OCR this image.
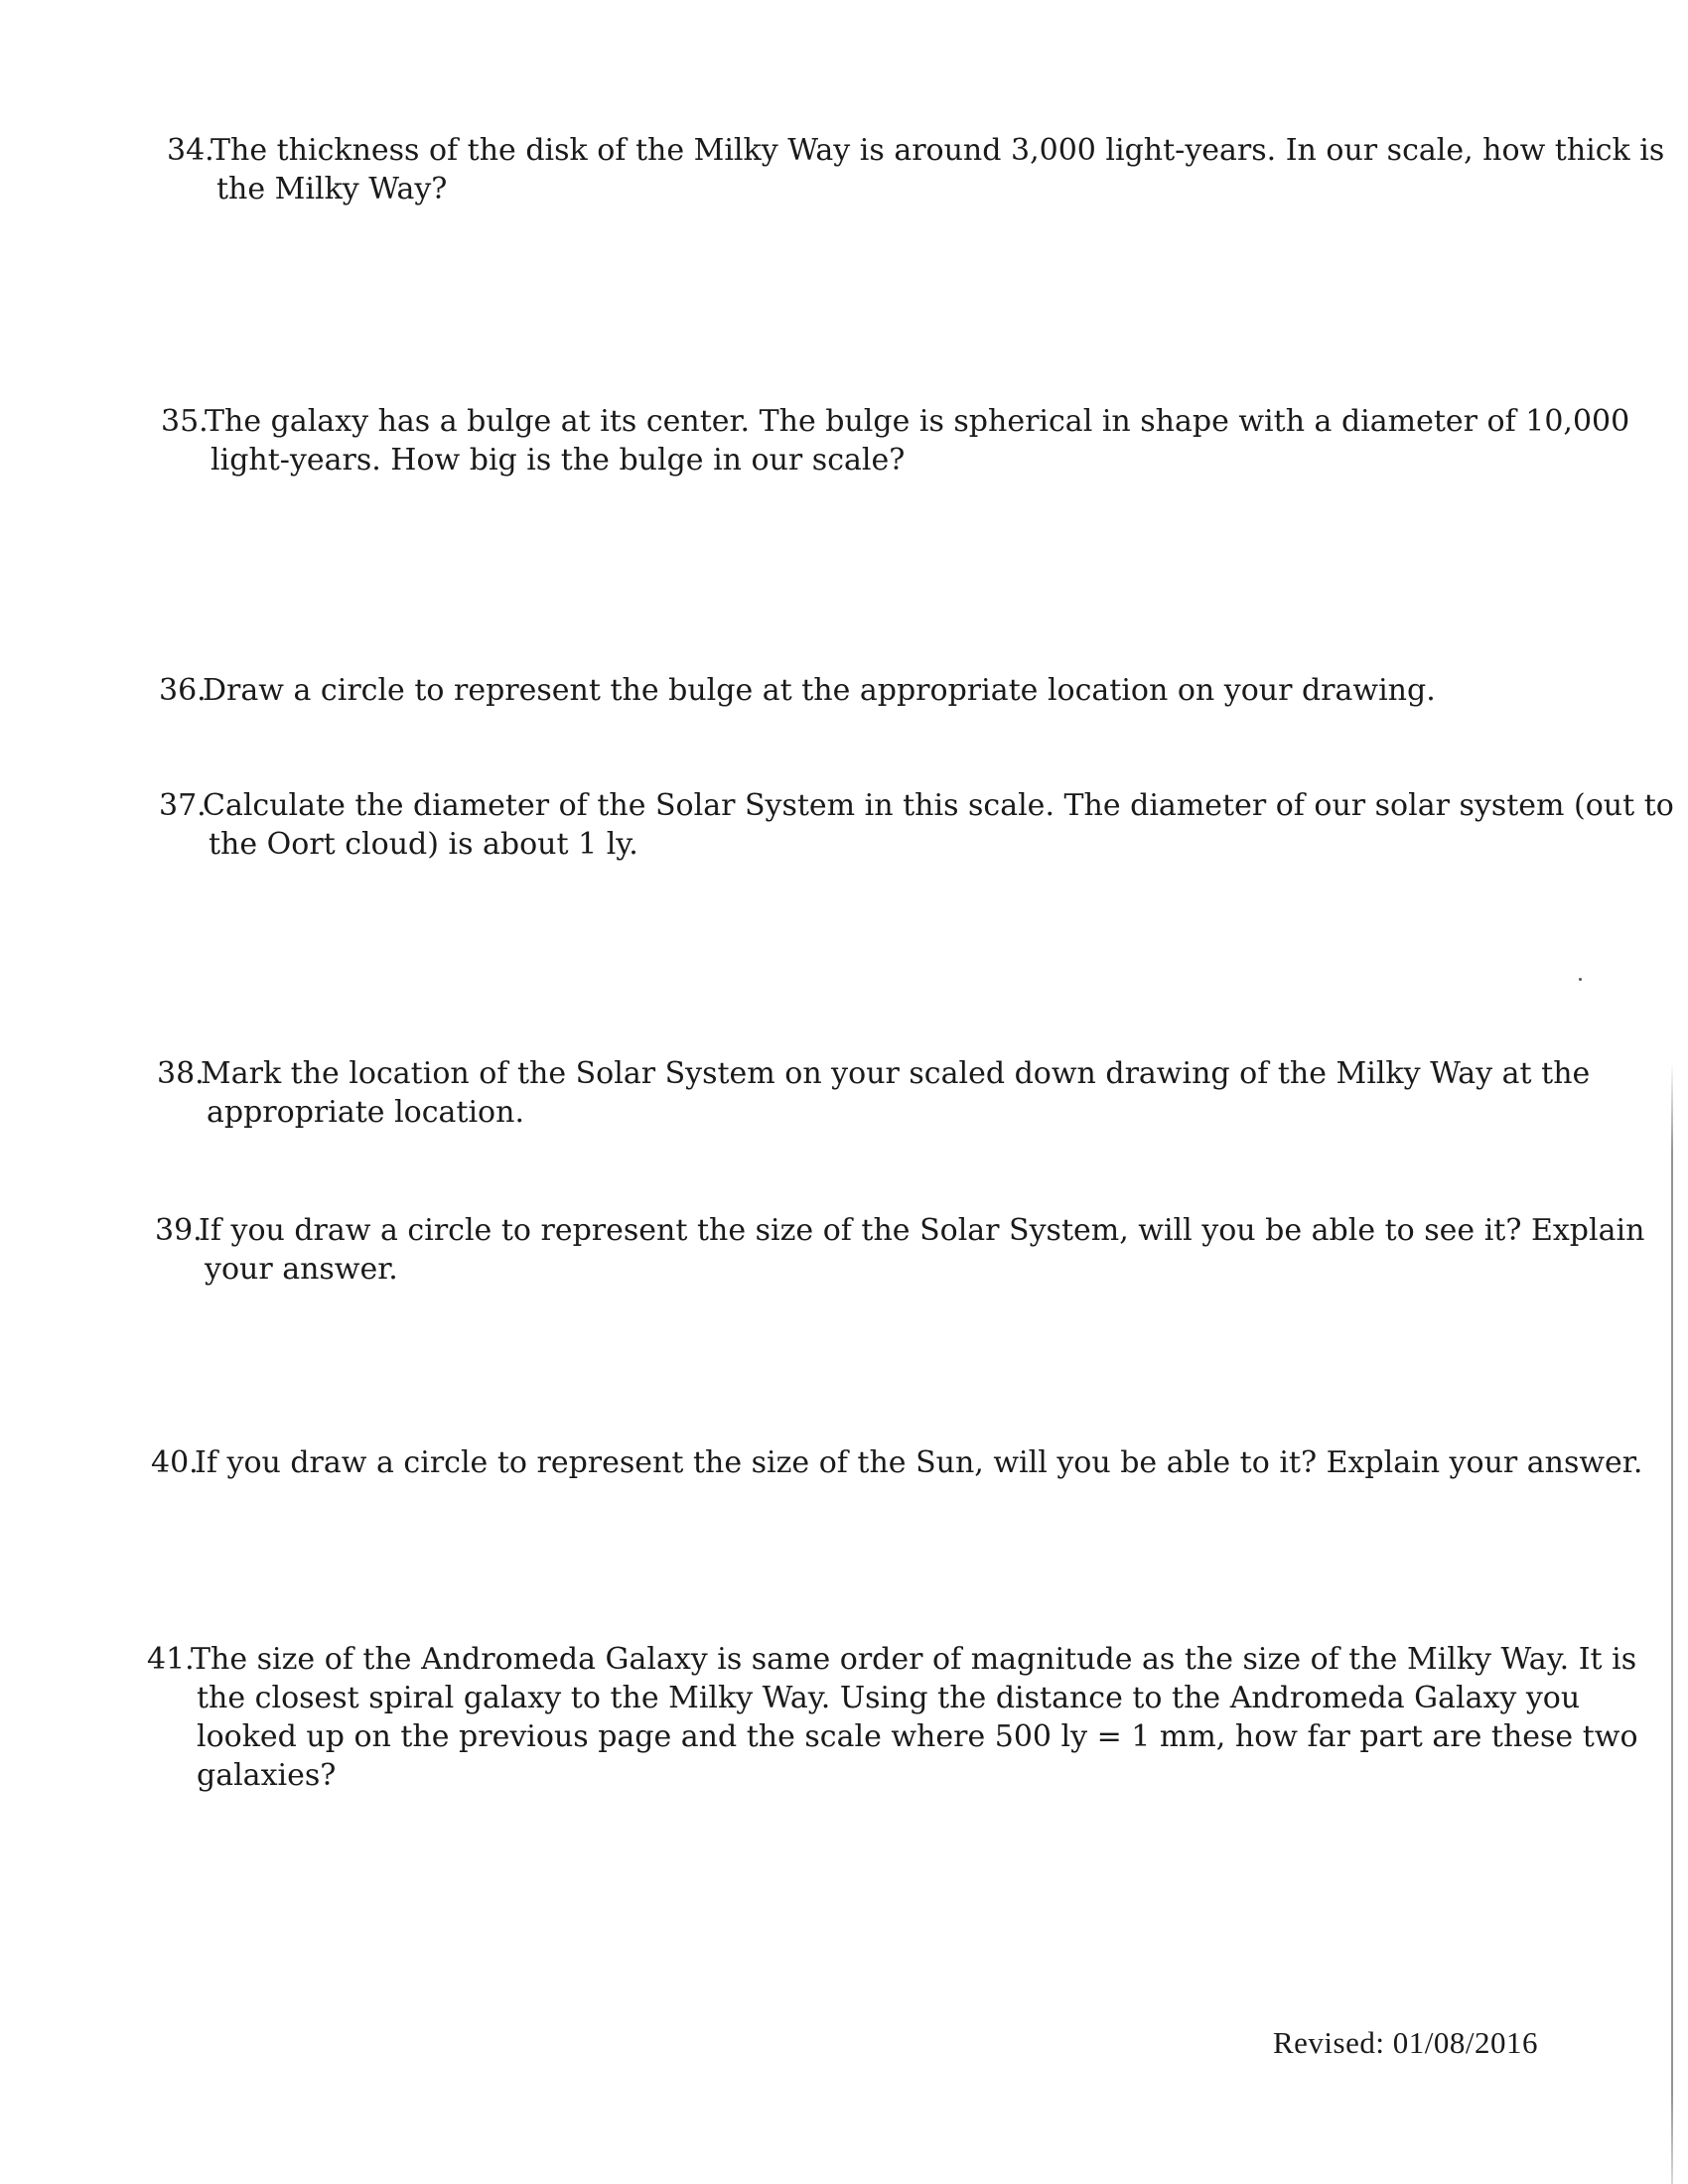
34.
The thickness of the disk of the Milky Way is around 3,000 light-years. In our scale, how thick is
the Milky Way?
35.
The galaxy has a bulge at its center. The bulge is spherical in shape with a diameter of 10,000
light-years. How big is the bulge in our scale?
36.
Draw a circle to represent the bulge at the appropriate location on your drawing.
37.
Calculate the diameter of the Solar System in this scale. The diameter of our solar system (out to
the Oort cloud) is about 1 ly.
38.
Mark the location of the Solar System on your scaled down drawing of the Milky Way at the
appropriate location.
39.
If you draw a circle to represent the size of the Solar System, will you be able to see it? Explain
your answer.
40.
If you draw a circle to represent the size of the Sun, will you be able to it? Explain your answer.
41.
The size of the Andromeda Galaxy is same order of magnitude as the size of the Milky Way. It is
the closest spiral galaxy to the Milky Way. Using the distance to the Andromeda Galaxy you
looked up on the previous page and the scale where 500 ly = 1 mm, how far part are these two
galaxies?
Revised: 01/08/2016
